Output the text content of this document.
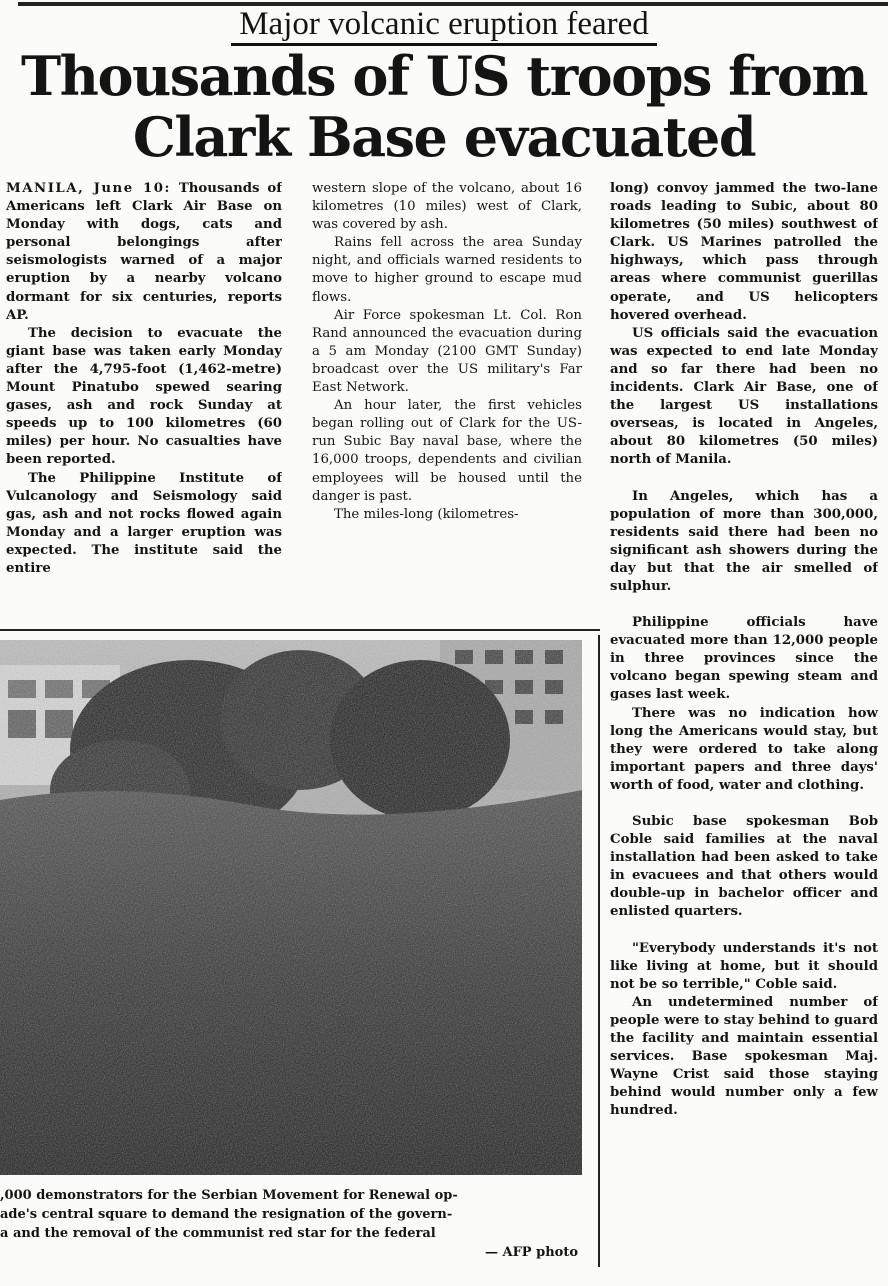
Major volcanic eruption feared
Thousands of US troops from
Clark Base evacuated

MANILA, June 10: Thousands of Americans left Clark Air Base on Monday with dogs, cats and personal belongings after seismologists warned of a major eruption by a nearby volcano dormant for six centuries, reports AP.

The decision to evacuate the giant base was taken early Monday after the 4,795-foot (1,462-metre) Mount Pinatubo spewed searing gases, ash and rock Sunday at speeds up to 100 kilometres (60 miles) per hour. No casualties have been reported.

The Philippine Institute of Vulcanology and Seismology said gas, ash and not rocks flowed again Monday and a larger eruption was expected. The institute said the entire

western slope of the volcano, about 16 kilometres (10 miles) west of Clark, was covered by ash.

Rains fell across the area Sunday night, and officials warned residents to move to higher ground to escape mud flows.

Air Force spokesman Lt. Col. Ron Rand announced the evacuation during a 5 am Monday (2100 GMT Sunday) broadcast over the US military's Far East Network.

An hour later, the first vehicles began rolling out of Clark for the US-run Subic Bay naval base, where the 16,000 troops, dependents and civilian employees will be housed until the danger is past.

The miles-long (kilometres-

long) convoy jammed the two-lane roads leading to Subic, about 80 kilometres (50 miles) southwest of Clark. US Marines patrolled the highways, which pass through areas where communist guerillas operate, and US helicopters hovered overhead.

US officials said the evacuation was expected to end late Monday and so far there had been no incidents. Clark Air Base, one of the largest US installations overseas, is located in Angeles, about 80 kilometres (50 miles) north of Manila.

In Angeles, which has a population of more than 300,000, residents said there had been no significant ash showers during the day but that the air smelled of sulphur.

Philippine officials have evacuated more than 12,000 people in three provinces since the volcano began spewing steam and gases last week.

There was no indication how long the Americans would stay, but they were ordered to take along important papers and three days' worth of food, water and clothing.

Subic base spokesman Bob Coble said families at the naval installation had been asked to take in evacuees and that others would double-up in bachelor officer and enlisted quarters.

"Everybody understands it's not like living at home, but it should not be so terrible," Coble said.

An undetermined number of people were to stay behind to guard the facility and maintain essential services. Base spokesman Maj. Wayne Crist said those staying behind would number only a few hundred.

,000 demonstrators for the Serbian Movement for Renewal op-
ade's central square to demand the resignation of the govern-
a and the removal of the communist red star for the federal
— AFP photo
